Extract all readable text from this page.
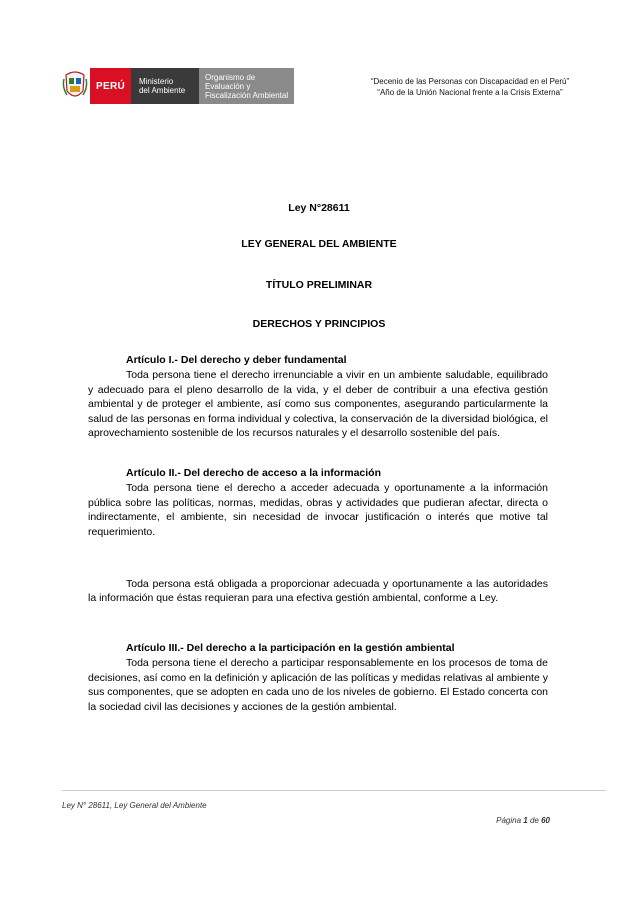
PERÚ	Ministerio
del Ambiente
Organismo de
Evaluación y
Fiscalización Ambiental
“Decenio de las Personas con Discapacidad en el Perú”
“Año de la Unión Nacional frente a la Crisis Externa”
Ley N°28611
LEY GENERAL DEL AMBIENTE
TÍTULO PRELIMINAR
DERECHOS Y PRINCIPIOS
Artículo I.- Del derecho y deber fundamental

Toda persona tiene el derecho irrenunciable a vivir en un ambiente saludable, equilibrado y adecuado para el pleno desarrollo de la vida, y el deber de contribuir a una efectiva gestión ambiental y de proteger el ambiente, así como sus componentes, asegurando particularmente la salud de las personas en forma individual y colectiva, la conservación de la diversidad biológica, el aprovechamiento sostenible de los recursos naturales y el desarrollo sostenible del país.

Artículo II.- Del derecho de acceso a la información

Toda persona tiene el derecho a acceder adecuada y oportunamente a la información pública sobre las políticas, normas, medidas, obras y actividades que pudieran afectar, directa o indirectamente, el ambiente, sin necesidad de invocar justificación o interés que motive tal requerimiento.

Toda persona está obligada a proporcionar adecuada y oportunamente a las autoridades la información que éstas requieran para una efectiva gestión ambiental, conforme a Ley.

Artículo III.- Del derecho a la participación en la gestión ambiental

Toda persona tiene el derecho a participar responsablemente en los procesos de toma de decisiones, así como en la definición y aplicación de las políticas y medidas relativas al ambiente y sus componentes, que se adopten en cada uno de los niveles de gobierno. El Estado concerta con la sociedad civil las decisiones y acciones de la gestión ambiental.

Ley N° 28611, Ley General del Ambiente
Página 1 de 60
